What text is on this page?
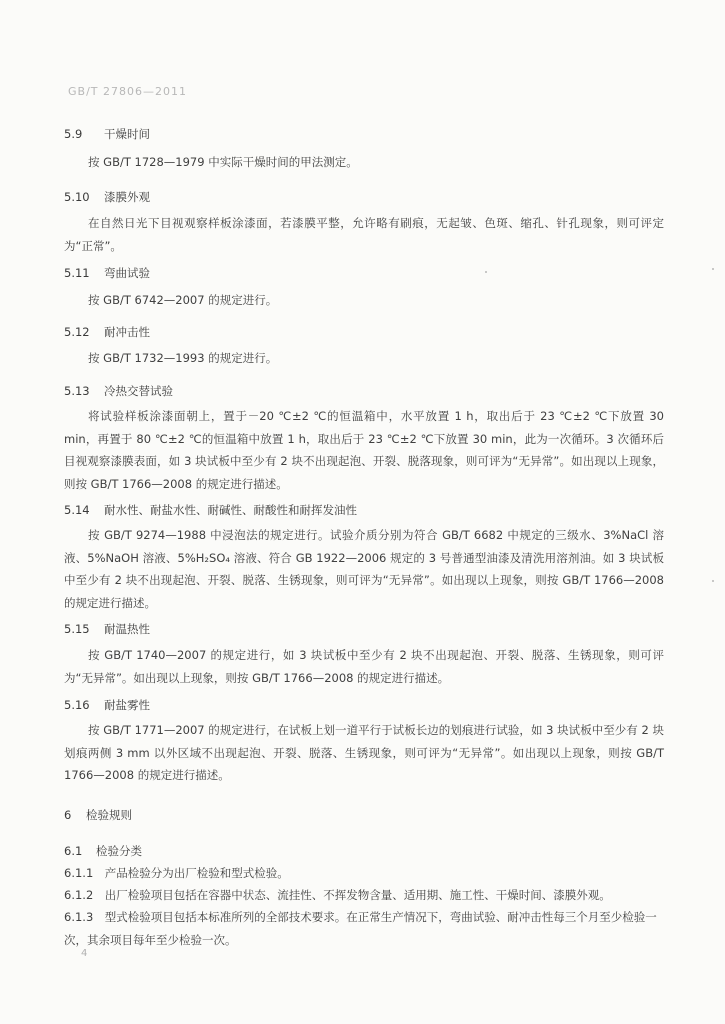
GB/T 27806—2011
5.9 干燥时间
按 GB/T 1728—1979 中实际干燥时间的甲法测定。
5.10 漆膜外观
在自然日光下目视观察样板涂漆面，若漆膜平整，允许略有刷痕，无起皱、色斑、缩孔、针孔现象，则可评定为“正常”。
5.11 弯曲试验
按 GB/T 6742—2007 的规定进行。
5.12 耐冲击性
按 GB/T 1732—1993 的规定进行。
5.13 冷热交替试验
将试验样板涂漆面朝上，置于－20 ℃±2 ℃的恒温箱中，水平放置 1 h，取出后于 23 ℃±2 ℃下放置 30 min，再置于 80 ℃±2 ℃的恒温箱中放置 1 h，取出后于 23 ℃±2 ℃下放置 30 min，此为一次循环。3 次循环后目视观察漆膜表面，如 3 块试板中至少有 2 块不出现起泡、开裂、脱落现象，则可评为“无异常”。如出现以上现象，则按 GB/T 1766—2008 的规定进行描述。
5.14 耐水性、耐盐水性、耐碱性、耐酸性和耐挥发油性
按 GB/T 9274—1988 中浸泡法的规定进行。试验介质分别为符合 GB/T 6682 中规定的三级水、3%NaCl 溶液、5%NaOH 溶液、5%H₂SO₄ 溶液、符合 GB 1922—2006 规定的 3 号普通型油漆及清洗用溶剂油。如 3 块试板中至少有 2 块不出现起泡、开裂、脱落、生锈现象，则可评为“无异常”。如出现以上现象，则按 GB/T 1766—2008 的规定进行描述。
5.15 耐温热性
按 GB/T 1740—2007 的规定进行，如 3 块试板中至少有 2 块不出现起泡、开裂、脱落、生锈现象，则可评为“无异常”。如出现以上现象，则按 GB/T 1766—2008 的规定进行描述。
5.16 耐盐雾性
按 GB/T 1771—2007 的规定进行，在试板上划一道平行于试板长边的划痕进行试验，如 3 块试板中至少有 2 块划痕两侧 3 mm 以外区域不出现起泡、开裂、脱落、生锈现象，则可评为“无异常”。如出现以上现象，则按 GB/T 1766—2008 的规定进行描述。
6 检验规则
6.1 检验分类
6.1.1　 产品检验分为出厂检验和型式检验。
6.1.2　 出厂检验项目包括在容器中状态、流挂性、不挥发物含量、适用期、施工性、干燥时间、漆膜外观。
6.1.3　 型式检验项目包括本标准所列的全部技术要求。在正常生产情况下，弯曲试验、耐冲击性每三个月至少检验一次，其余项目每年至少检验一次。
4
